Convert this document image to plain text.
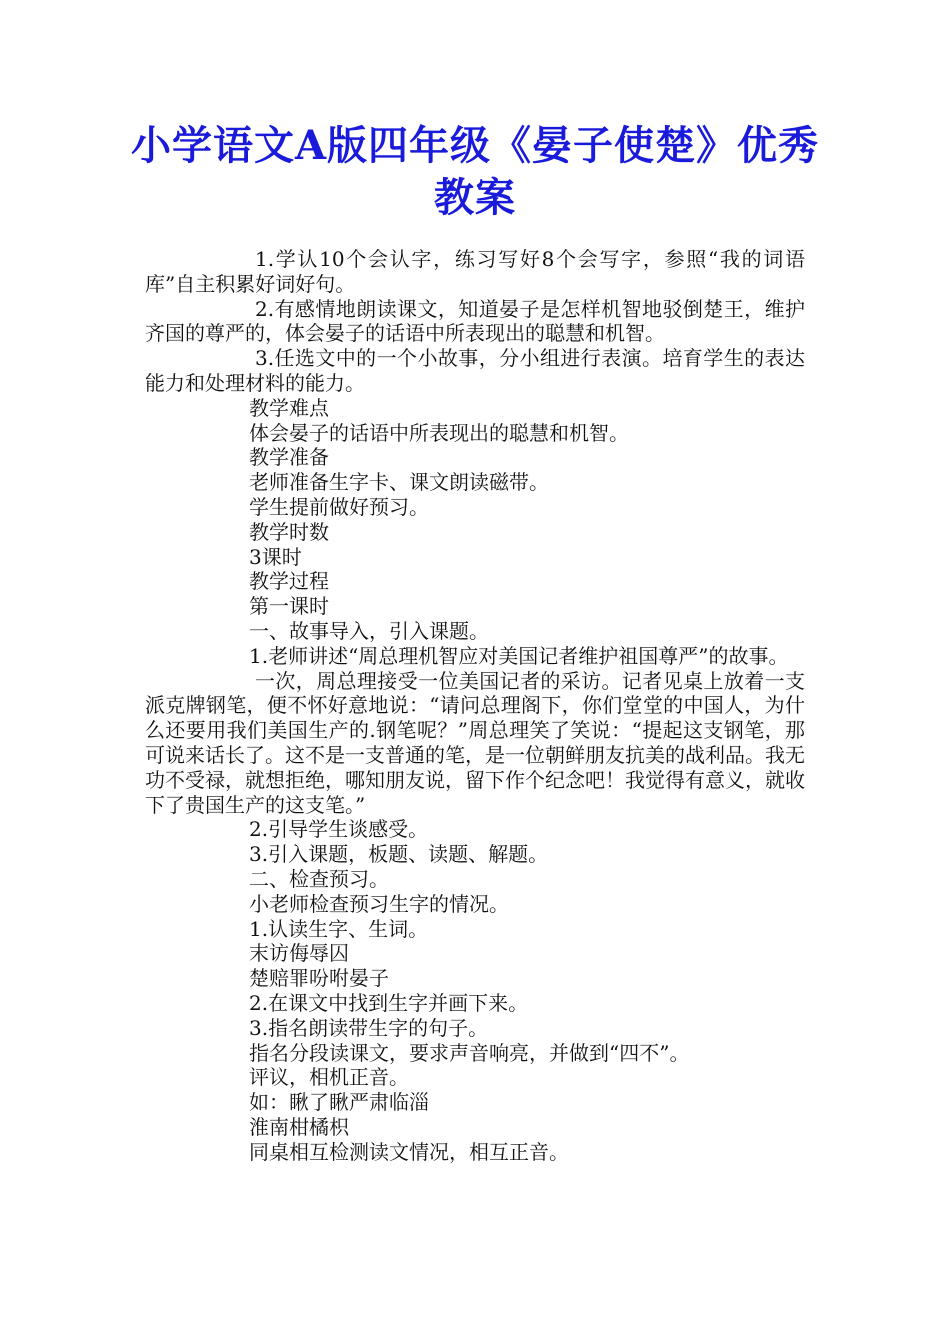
小学语文A版四年级《晏子使楚》优秀教案

1.学认10个会认字，练习写好8个会写字，参照“我的词语库”自主积累好词好句。

2.有感情地朗读课文，知道晏子是怎样机智地驳倒楚王，维护齐国的尊严的，体会晏子的话语中所表现出的聪慧和机智。

3.任选文中的一个小故事，分小组进行表演。培育学生的表达能力和处理材料的能力。

教学难点

体会晏子的话语中所表现出的聪慧和机智。

教学准备

老师准备生字卡、课文朗读磁带。

学生提前做好预习。

教学时数

3课时

教学过程

第一课时

一、故事导入，引入课题。

1.老师讲述“周总理机智应对美国记者维护祖国尊严”的故事。

一次，周总理接受一位美国记者的采访。记者见桌上放着一支派克牌钢笔，便不怀好意地说：“请问总理阁下，你们堂堂的中国人，为什么还要用我们美国生产的.钢笔呢？”周总理笑了笑说：“提起这支钢笔，那可说来话长了。这不是一支普通的笔，是一位朝鲜朋友抗美的战利品。我无功不受禄，就想拒绝，哪知朋友说，留下作个纪念吧！我觉得有意义，就收下了贵国生产的这支笔。”

2.引导学生谈感受。

3.引入课题，板题、读题、解题。

二、检查预习。

小老师检查预习生字的情况。

1.认读生字、生词。

末访侮辱囚

楚赔罪吩咐晏子

2.在课文中找到生字并画下来。

3.指名朗读带生字的句子。

指名分段读课文，要求声音响亮，并做到“四不”。

评议，相机正音。

如：瞅了瞅严肃临淄

淮南柑橘枳

同桌相互检测读文情况，相互正音。
